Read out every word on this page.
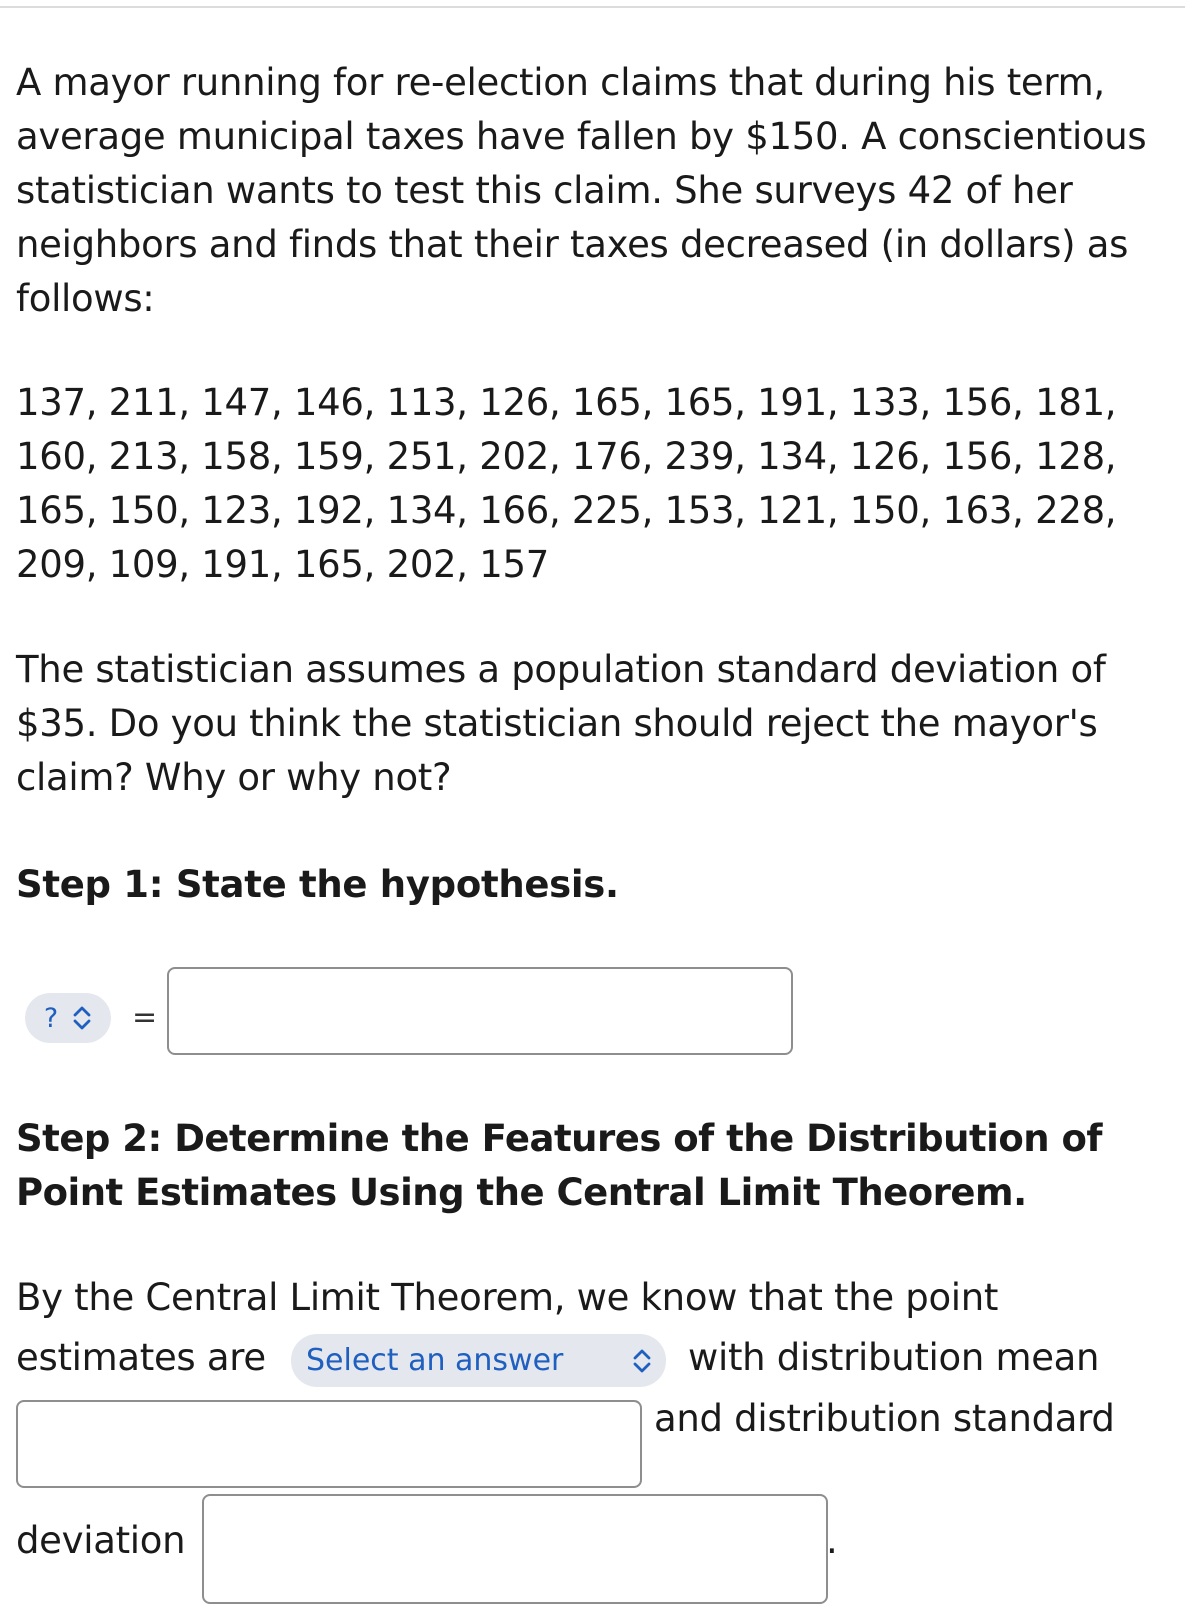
A mayor running for re-election claims that during his term, average municipal taxes have fallen by $150. A conscientious statistician wants to test this claim. She surveys 42 of her neighbors and finds that their taxes decreased (in dollars) as follows:

137, 211, 147, 146, 113, 126, 165, 165, 191, 133, 156, 181, 160, 213, 158, 159, 251, 202, 176, 239, 134, 126, 156, 128, 165, 150, 123, 192, 134, 166, 225, 153, 121, 150, 163, 228, 209, 109, 191, 165, 202, 157

The statistician assumes a population standard deviation of $35. Do you think the statistician should reject the mayor's claim? Why or why not?

Step 1: State the hypothesis.
? =
Step 2: Determine the Features of the Distribution of Point Estimates Using the Central Limit Theorem.
By the Central Limit Theorem, we know that the point
estimates are Select an answer	with distribution mean
and distribution standard
deviation	.
